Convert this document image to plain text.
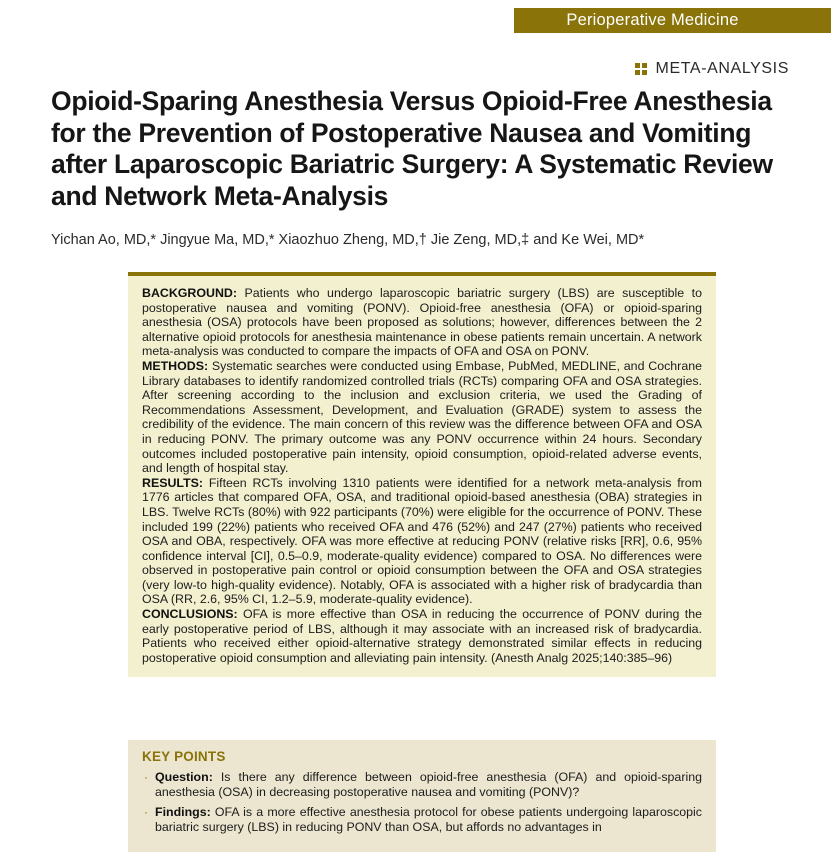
Perioperative Medicine
META-ANALYSIS
Opioid-Sparing Anesthesia Versus Opioid-Free Anesthesia for the Prevention of Postoperative Nausea and Vomiting after Laparoscopic Bariatric Surgery: A Systematic Review and Network Meta-Analysis
Yichan Ao, MD,* Jingyue Ma, MD,* Xiaozhuo Zheng, MD,† Jie Zeng, MD,‡ and Ke Wei, MD*

BACKGROUND: Patients who undergo laparoscopic bariatric surgery (LBS) are susceptible to postoperative nausea and vomiting (PONV). Opioid-free anesthesia (OFA) or opioid-sparing anesthesia (OSA) protocols have been proposed as solutions; however, differences between the 2 alternative opioid protocols for anesthesia maintenance in obese patients remain uncertain. A network meta-analysis was conducted to compare the impacts of OFA and OSA on PONV.

METHODS: Systematic searches were conducted using Embase, PubMed, MEDLINE, and Cochrane Library databases to identify randomized controlled trials (RCTs) comparing OFA and OSA strategies. After screening according to the inclusion and exclusion criteria, we used the Grading of Recommendations Assessment, Development, and Evaluation (GRADE) system to assess the credibility of the evidence. The main concern of this review was the difference between OFA and OSA in reducing PONV. The primary outcome was any PONV occurrence within 24 hours. Secondary outcomes included postoperative pain intensity, opioid consumption, opioid-related adverse events, and length of hospital stay.

RESULTS: Fifteen RCTs involving 1310 patients were identified for a network meta-analysis from 1776 articles that compared OFA, OSA, and traditional opioid-based anesthesia (OBA) strategies in LBS. Twelve RCTs (80%) with 922 participants (70%) were eligible for the occurrence of PONV. These included 199 (22%) patients who received OFA and 476 (52%) and 247 (27%) patients who received OSA and OBA, respectively. OFA was more effective at reducing PONV (relative risks [RR], 0.6, 95% confidence interval [CI], 0.5–0.9, moderate-quality evidence) compared to OSA. No differences were observed in postoperative pain control or opioid consumption between the OFA and OSA strategies (very low-to high-quality evidence). Notably, OFA is associated with a higher risk of bradycardia than OSA (RR, 2.6, 95% CI, 1.2–5.9, moderate-quality evidence).

CONCLUSIONS: OFA is more effective than OSA in reducing the occurrence of PONV during the early postoperative period of LBS, although it may associate with an increased risk of bradycardia. Patients who received either opioid-alternative strategy demonstrated similar effects in reducing postoperative opioid consumption and alleviating pain intensity. (Anesth Analg 2025;140:385–96)

KEY POINTS
· Question: Is there any difference between opioid-free anesthesia (OFA) and opioid-sparing anesthesia (OSA) in decreasing postoperative nausea and vomiting (PONV)?
· Findings: OFA is a more effective anesthesia protocol for obese patients undergoing laparoscopic bariatric surgery (LBS) in reducing PONV than OSA, but affords no advantages in
